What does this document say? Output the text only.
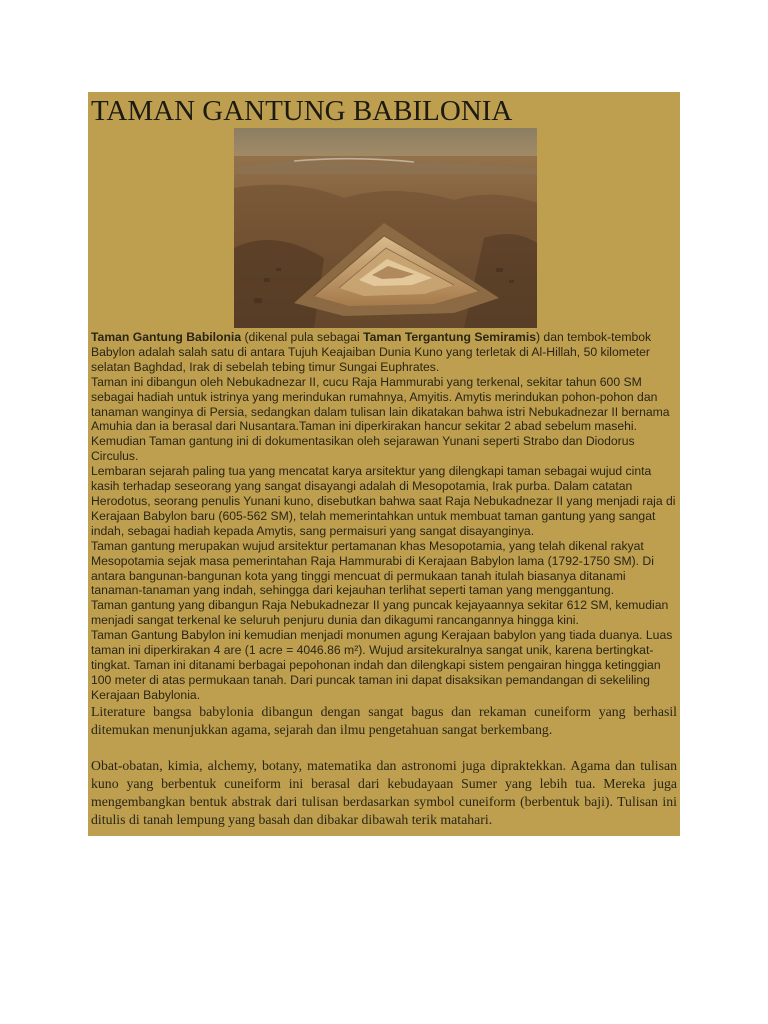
TAMAN GANTUNG BABILONIA

Taman Gantung Babilonia (dikenal pula sebagai Taman Tergantung Semiramis) dan tembok-tembok Babylon adalah salah satu di antara Tujuh Keajaiban Dunia Kuno yang terletak di Al-Hillah, 50 kilometer selatan Baghdad, Irak di sebelah tebing timur Sungai Euphrates.

Taman ini dibangun oleh Nebukadnezar II, cucu Raja Hammurabi yang terkenal, sekitar tahun 600 SM sebagai hadiah untuk istrinya yang merindukan rumahnya, Amyitis. Amytis merindukan pohon-pohon dan tanaman wanginya di Persia, sedangkan dalam tulisan lain dikatakan bahwa istri Nebukadnezar II bernama Amuhia dan ia berasal dari Nusantara.Taman ini diperkirakan hancur sekitar 2 abad sebelum masehi. Kemudian Taman gantung ini di dokumentasikan oleh sejarawan Yunani seperti Strabo dan Diodorus Circulus.

Lembaran sejarah paling tua yang mencatat karya arsitektur yang dilengkapi taman sebagai wujud cinta kasih terhadap seseorang yang sangat disayangi adalah di Mesopotamia, Irak purba. Dalam catatan Herodotus, seorang penulis Yunani kuno, disebutkan bahwa saat Raja Nebukadnezar II yang menjadi raja di Kerajaan Babylon baru (605-562 SM), telah memerintahkan untuk membuat taman gantung yang sangat indah, sebagai hadiah kepada Amytis, sang permaisuri yang sangat disayanginya.

Taman gantung merupakan wujud arsitektur pertamanan khas Mesopotamia, yang telah dikenal rakyat Mesopotamia sejak masa pemerintahan Raja Hammurabi di Kerajaan Babylon lama (1792-1750 SM). Di antara bangunan-bangunan kota yang tinggi mencuat di permukaan tanah itulah biasanya ditanami tanaman-tanaman yang indah, sehingga dari kejauhan terlihat seperti taman yang menggantung.

Taman gantung yang dibangun Raja Nebukadnezar II yang puncak kejayaannya sekitar 612 SM, kemudian menjadi sangat terkenal ke seluruh penjuru dunia dan dikagumi rancangannya hingga kini.

Taman Gantung Babylon ini kemudian menjadi monumen agung Kerajaan babylon yang tiada duanya. Luas taman ini diperkirakan 4 are (1 acre = 4046.86 m²). Wujud arsitekuralnya sangat unik, karena bertingkat-tingkat. Taman ini ditanami berbagai pepohonan indah dan dilengkapi sistem pengairan hingga ketinggian 100 meter di atas permukaan tanah. Dari puncak taman ini dapat disaksikan pemandangan di sekeliling Kerajaan Babylonia.

Literature bangsa babylonia dibangun dengan sangat bagus dan rekaman cuneiform yang berhasil ditemukan menunjukkan agama, sejarah dan ilmu pengetahuan sangat berkembang.

Obat-obatan, kimia, alchemy, botany, matematika dan astronomi juga dipraktekkan. Agama dan tulisan kuno yang berbentuk cuneiform ini berasal dari kebudayaan Sumer yang lebih tua. Mereka juga mengembangkan bentuk abstrak dari tulisan berdasarkan symbol cuneiform (berbentuk baji). Tulisan ini ditulis di tanah lempung yang basah dan dibakar dibawah terik matahari.
